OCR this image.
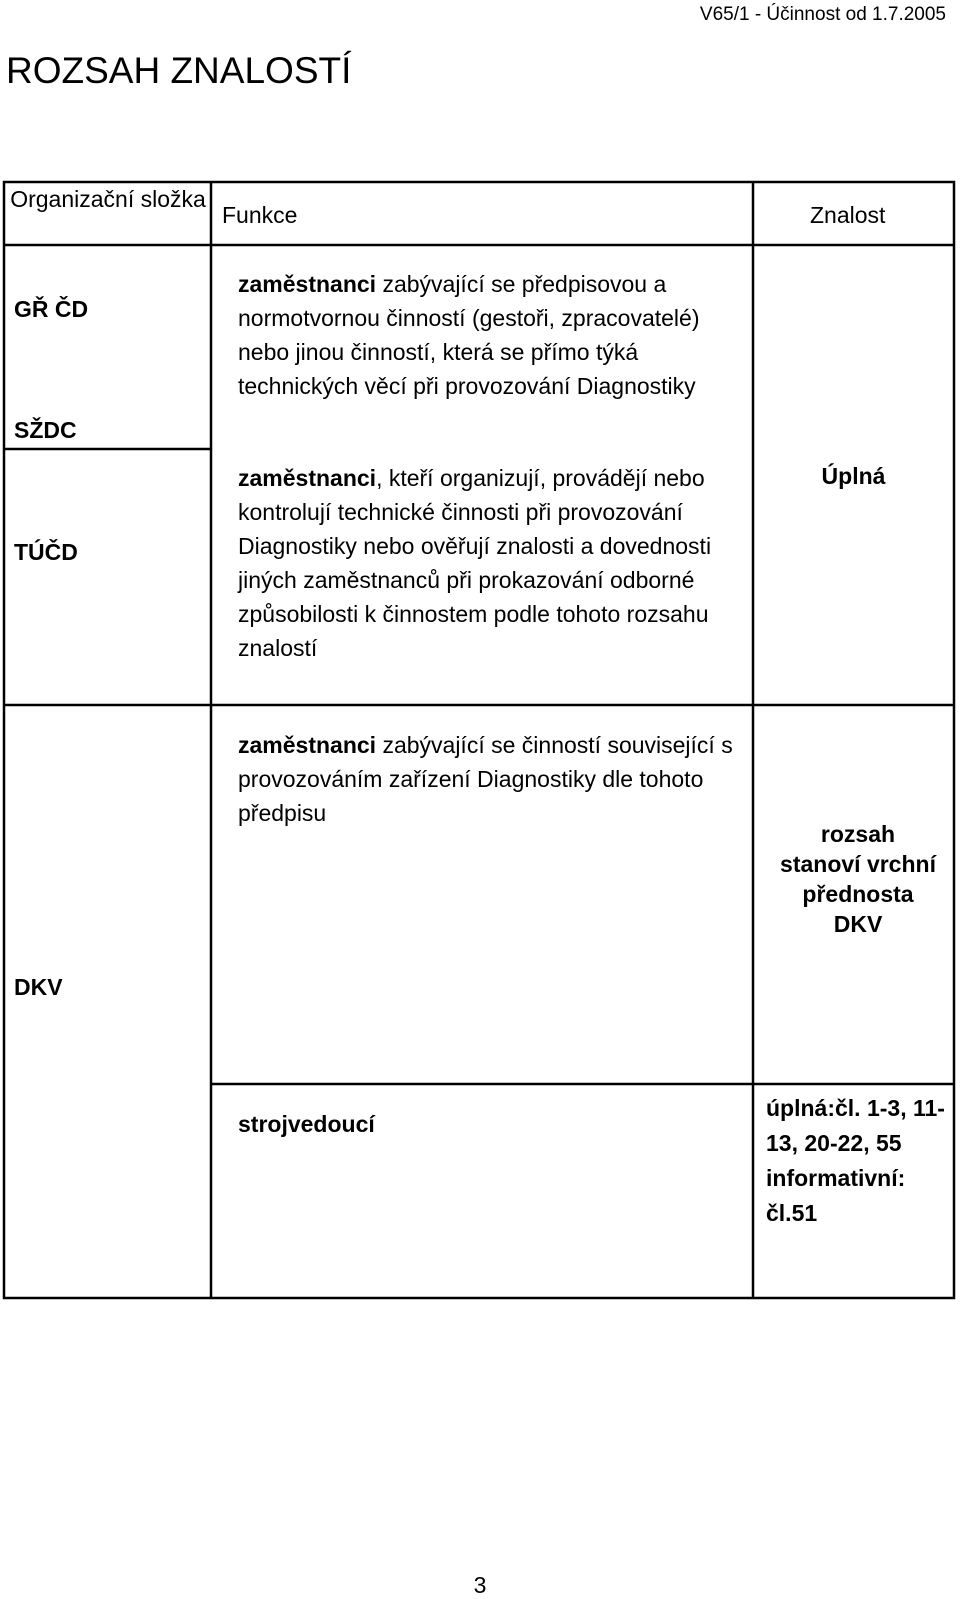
V65/1 - Účinnost od 1.7.2005
ROZSAH ZNALOSTÍ
Organizační složka
Funkce	Znalost
GŘ ČD
SŽDC
TÚČD
DKV
zaměstnanci zabývající se předpisovou a normotvornou činností (gestoři, zpracovatelé) nebo jinou činností, která se přímo týká technických věcí při provozování Diagnostiky
zaměstnanci, kteří organizují, provádějí nebo kontrolují technické činnosti při provozování Diagnostiky nebo ověřují znalosti a dovednosti jiných zaměstnanců při prokazování odborné způsobilosti k činnostem podle tohoto rozsahu znalostí
zaměstnanci zabývající se činností související s provozováním zařízení Diagnostiky dle tohoto předpisu
strojvedoucí
Úplná
rozsah stanoví vrchní přednosta DKV
úplná:čl. 1-3, 11-13, 20-22, 55 informativní: čl.51
3
